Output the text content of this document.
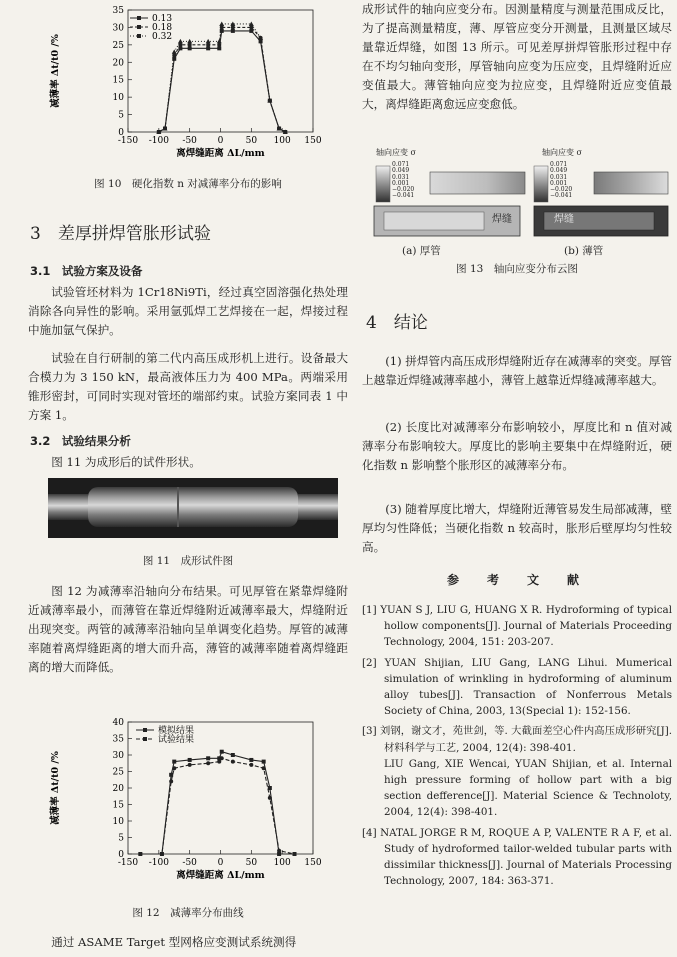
0
5
10
15
20
25
30
35
-150 -100 -50 0 50 100 150
离焊缝距离 ΔL/mm
减薄率 Δt/t0 /%
0.13
0.18
0.32
图 10　硬化指数 n 对减薄率分布的影响
3　差厚拼焊管胀形试验
3.1　试验方案及设备

试验管坯材料为 1Cr18Ni9Ti，经过真空固溶强化热处理消除各向异性的影响。采用氩弧焊工艺焊接在一起，焊接过程中施加氩气保护。

试验在自行研制的第二代内高压成形机上进行。设备最大合模力为 3 150 kN，最高液体压力为 400 MPa。两端采用锥形密封，可同时实现对管坯的端部约束。试验方案同表 1 中方案 1。

3.2　试验结果分析

图 11 为成形后的试件形状。

图 11　成形试件图

图 12 为减薄率沿轴向分布结果。可见厚管在紧靠焊缝附近减薄率最小，而薄管在靠近焊缝附近减薄率最大，焊缝附近出现突变。两管的减薄率沿轴向呈单调变化趋势。厚管的减薄率随着离焊缝距离的增大而升高，薄管的减薄率随着离焊缝距离的增大而降低。

0
5
10
15
20
25
30
35
40
-150 -100 -50 0 50 100 150
离焊缝距离 ΔL/mm
减薄率 Δt/t0 /%
模拟结果
试验结果
图 12　减薄率分布曲线

通过 ASAME Target 型网格应变测试系统测得

成形试件的轴向应变分布。因测量精度与测量范围成反比，为了提高测量精度，薄、厚管应变分开测量，且测量区域尽量靠近焊缝，如图 13 所示。可见差厚拼焊管胀形过程中存在不均匀轴向变形，厚管轴向应变为压应变，且焊缝附近应变值最大。薄管轴向应变为拉应变，且焊缝附近应变值最大，离焊缝距离愈远应变愈低。

轴向应变 σ	轴向应变 σ
0.071
0.049
0.031
0.001
−0.020
−0.041
0.071
0.049
0.031
0.001
−0.020
−0.041
焊缝	焊缝
(a) 厚管	(b) 薄管
图 13　轴向应变分布云图
4　结论

(1) 拼焊管内高压成形焊缝附近存在减薄率的突变。厚管上越靠近焊缝减薄率越小，薄管上越靠近焊缝减薄率越大。

(2) 长度比对减薄率分布影响较小，厚度比和 n 值对减薄率分布影响较大。厚度比的影响主要集中在焊缝附近，硬化指数 n 影响整个胀形区的减薄率分布。

(3) 随着厚度比增大，焊缝附近薄管易发生局部减薄，壁厚均匀性降低；当硬化指数 n 较高时，胀形后壁厚均匀性较高。

参　考　文　献

[1] YUAN S J, LIU G, HUANG X R. Hydroforming of typical hollow components[J]. Journal of Materials Proceeding Technology, 2004, 151: 203-207.

[2] YUAN Shijian, LIU Gang, LANG Lihui. Mumerical simulation of wrinkling in hydroforming of aluminum alloy tubes[J]. Transaction of Nonferrous Metals Society of China, 2003, 13(Special 1): 152-156.

[3] 刘钢，谢文才，苑世剑，等. 大截面差空心件内高压成形研究[J]. 材料科学与工艺, 2004, 12(4): 398-401.

LIU Gang, XIE Wencai, YUAN Shijian, et al. Internal high pressure forming of hollow part with a big section defference[J]. Material Science & Technoloty, 2004, 12(4): 398-401.

[4] NATAL JORGE R M, ROQUE A P, VALENTE R A F, et al. Study of hydroformed tailor-welded tubular parts with dissimilar thickness[J]. Journal of Materials Processing Technology, 2007, 184: 363-371.
